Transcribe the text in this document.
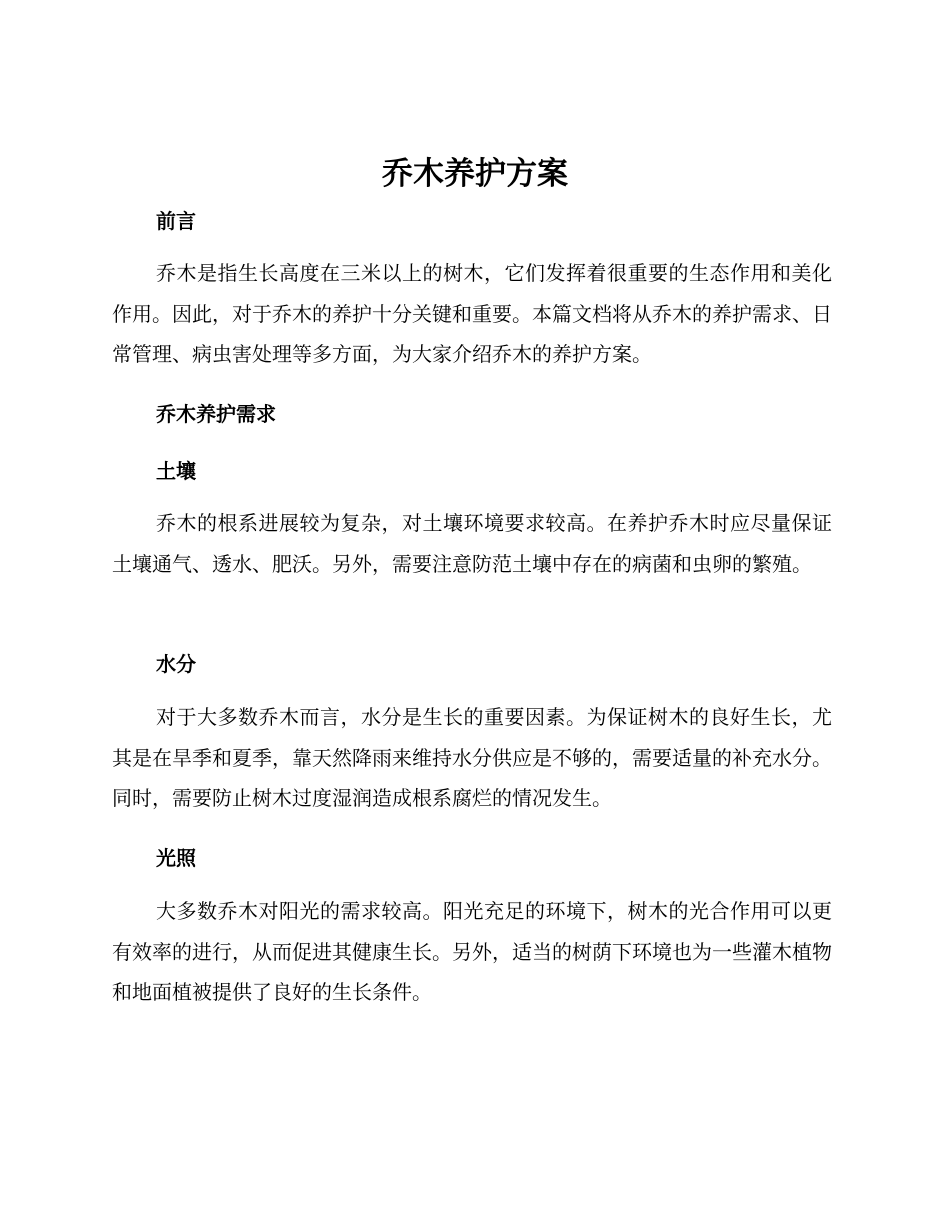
乔木养护方案
前言

乔木是指生长高度在三米以上的树木，它们发挥着很重要的生态作用和美化作用。因此，对于乔木的养护十分关键和重要。本篇文档将从乔木的养护需求、日常管理、病虫害处理等多方面，为大家介绍乔木的养护方案。

乔木养护需求
土壤

乔木的根系进展较为复杂，对土壤环境要求较高。在养护乔木时应尽量保证土壤通气、透水、肥沃。另外，需要注意防范土壤中存在的病菌和虫卵的繁殖。

水分

对于大多数乔木而言，水分是生长的重要因素。为保证树木的良好生长，尤其是在旱季和夏季，靠天然降雨来维持水分供应是不够的，需要适量的补充水分。同时，需要防止树木过度湿润造成根系腐烂的情况发生。

光照

大多数乔木对阳光的需求较高。阳光充足的环境下，树木的光合作用可以更有效率的进行，从而促进其健康生长。另外，适当的树荫下环境也为一些灌木植物和地面植被提供了良好的生长条件。
